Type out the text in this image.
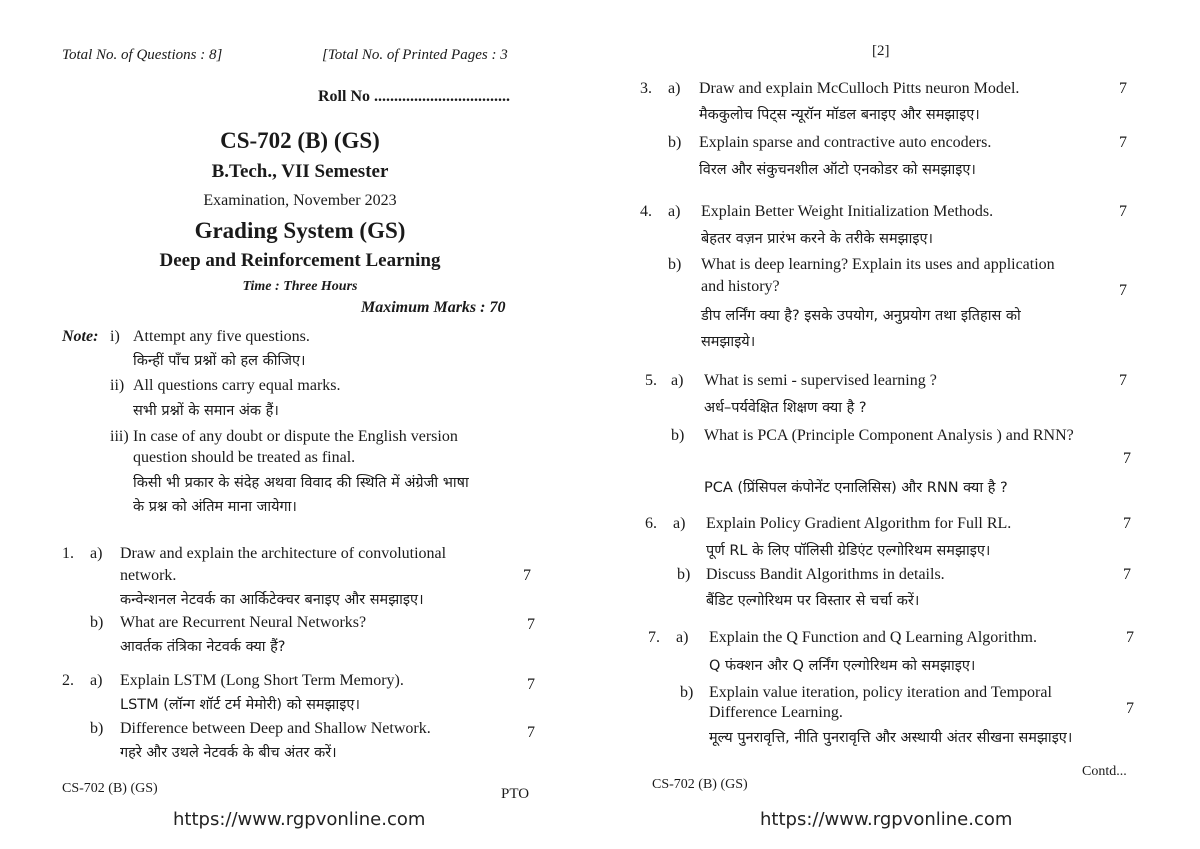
Total No. of Questions : 8]	[Total No. of Printed Pages : 3
Roll No ..................................
CS-702 (B) (GS)
B.Tech., VII Semester
Examination, November 2023
Grading System (GS)
Deep and Reinforcement Learning
Time : Three Hours
Maximum Marks : 70
Note: i) Attempt any five questions.
किन्हीं पाँच प्रश्नों को हल कीजिए।
ii) All questions carry equal marks.
सभी प्रश्नों के समान अंक हैं।
iii) In case of any doubt or dispute the English version
question should be treated as final.
किसी भी प्रकार के संदेह अथवा विवाद की स्थिति में अंग्रेजी भाषा
के प्रश्न को अंतिम माना जायेगा।
1. a) Draw and explain the architecture of convolutional
network.	7
कन्वेन्शनल नेटवर्क का आर्किटेक्चर बनाइए और समझाइए।
b) What are Recurrent Neural Networks?	7
आवर्तक तंत्रिका नेटवर्क क्या हैं?
2. a) Explain LSTM (Long Short Term Memory).	7
LSTM (लॉन्ग शॉर्ट टर्म मेमोरी) को समझाइए।
b) Difference between Deep and Shallow Network.	7
गहरे और उथले नेटवर्क के बीच अंतर करें।
CS-702 (B) (GS)	PTO
https://www.rgpvonline.com
[2]
3. a) Draw and explain McCulloch Pitts neuron Model.	7
मैककुलोच पिट्स न्यूरॉन मॉडल बनाइए और समझाइए।
b) Explain sparse and contractive auto encoders.	7
विरल और संकुचनशील ऑटो एनकोडर को समझाइए।
4. a) Explain Better Weight Initialization Methods.	7
बेहतर वज़न प्रारंभ करने के तरीके समझाइए।
b) What is deep learning? Explain its uses and application
and history?	7
डीप लर्निंग क्या है? इसके उपयोग, अनुप्रयोग तथा इतिहास को
समझाइये।
5. a) What is semi - supervised learning ?	7
अर्ध–पर्यवेक्षित शिक्षण क्या है ?
b) What is PCA (Principle Component Analysis ) and RNN?
7
PCA (प्रिंसिपल कंपोनेंट एनालिसिस) और RNN क्या है ?
6. a) Explain Policy Gradient Algorithm for Full RL.	7
पूर्ण RL के लिए पॉलिसी ग्रेडिएंट एल्गोरिथम समझाइए।
b) Discuss Bandit Algorithms in details.	7
बैंडिट एल्गोरिथम पर विस्तार से चर्चा करें।
7. a) Explain the Q Function and Q Learning Algorithm.	7
Q फंक्शन और Q लर्निंग एल्गोरिथम को समझाइए।
b) Explain value iteration, policy iteration and Temporal
Difference Learning.	7
मूल्य पुनरावृत्ति, नीति पुनरावृत्ति और अस्थायी अंतर सीखना समझाइए।
CS-702 (B) (GS)
Contd...
https://www.rgpvonline.com
